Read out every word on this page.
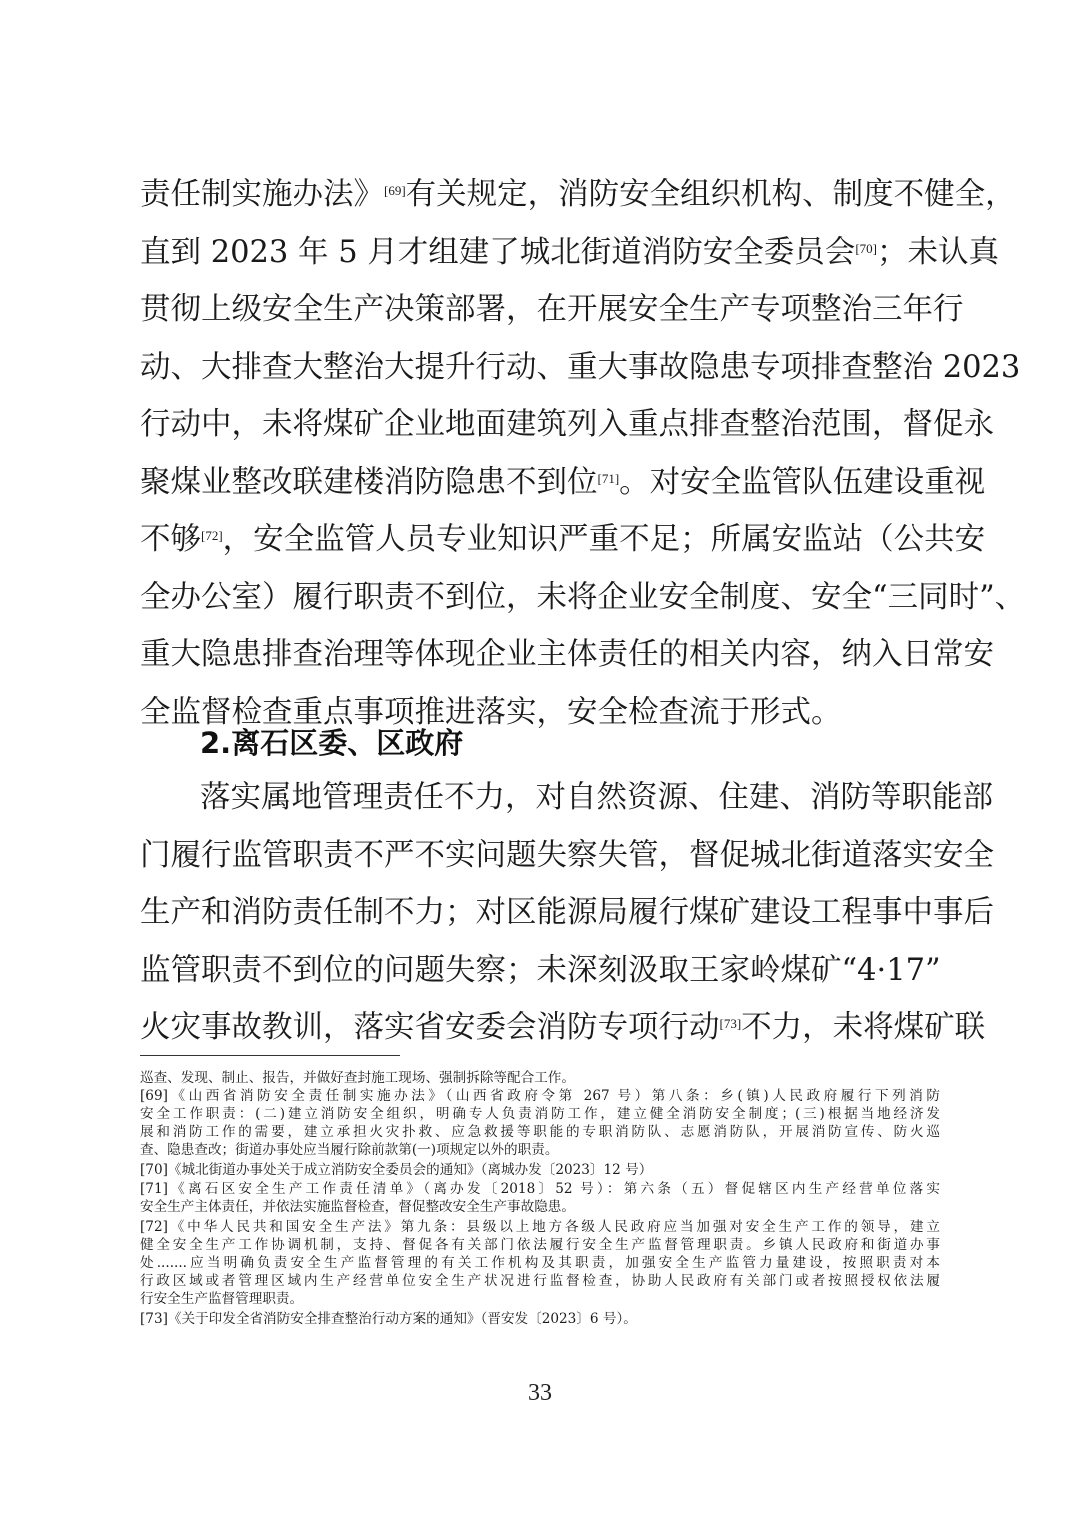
责任制实施办法》[69]有关规定，消防安全组织机构、制度不健全，
直到 2023 年 5 月才组建了城北街道消防安全委员会[70]；未认真
贯彻上级安全生产决策部署，在开展安全生产专项整治三年行
动、大排查大整治大提升行动、重大事故隐患专项排查整治 2023
行动中，未将煤矿企业地面建筑列入重点排查整治范围，督促永
聚煤业整改联建楼消防隐患不到位[71]。对安全监管队伍建设重视
不够[72]，安全监管人员专业知识严重不足；所属安监站（公共安
全办公室）履行职责不到位，未将企业安全制度、安全“三同时”、
重大隐患排查治理等体现企业主体责任的相关内容，纳入日常安
全监督检查重点事项推进落实，安全检查流于形式。
2.离石区委、区政府
落实属地管理责任不力，对自然资源、住建、消防等职能部
门履行监管职责不严不实问题失察失管，督促城北街道落实安全
生产和消防责任制不力；对区能源局履行煤矿建设工程事中事后
监管职责不到位的问题失察；未深刻汲取王家岭煤矿“4·17”
火灾事故教训，落实省安委会消防专项行动[73]不力，未将煤矿联
巡查、发现、制止、报告，并做好查封施工现场、强制拆除等配合工作。
[69]《山西省消防安全责任制实施办法》（山西省政府令第 267 号）第八条：乡(镇)人民政府履行下列消防
安全工作职责：(二)建立消防安全组织，明确专人负责消防工作，建立健全消防安全制度；(三)根据当地经济发
展和消防工作的需要，建立承担火灾扑救、应急救援等职能的专职消防队、志愿消防队，开展消防宣传、防火巡
查、隐患查改；街道办事处应当履行除前款第(一)项规定以外的职责。
[70]《城北街道办事处关于成立消防安全委员会的通知》（离城办发〔2023〕12 号）
[71]《离石区安全生产工作责任清单》（离办发〔2018〕52 号）：第六条（五）督促辖区内生产经营单位落实
安全生产主体责任，并依法实施监督检查，督促整改安全生产事故隐患。
[72]《中华人民共和国安全生产法》第九条：县级以上地方各级人民政府应当加强对安全生产工作的领导，建立
健全安全生产工作协调机制，支持、督促各有关部门依法履行安全生产监督管理职责。乡镇人民政府和街道办事
处.......应当明确负责安全生产监督管理的有关工作机构及其职责，加强安全生产监管力量建设，按照职责对本
行政区域或者管理区域内生产经营单位安全生产状况进行监督检查，协助人民政府有关部门或者按照授权依法履
行安全生产监督管理职责。
[73]《关于印发全省消防安全排查整治行动方案的通知》（晋安发〔2023〕6 号）。
33
